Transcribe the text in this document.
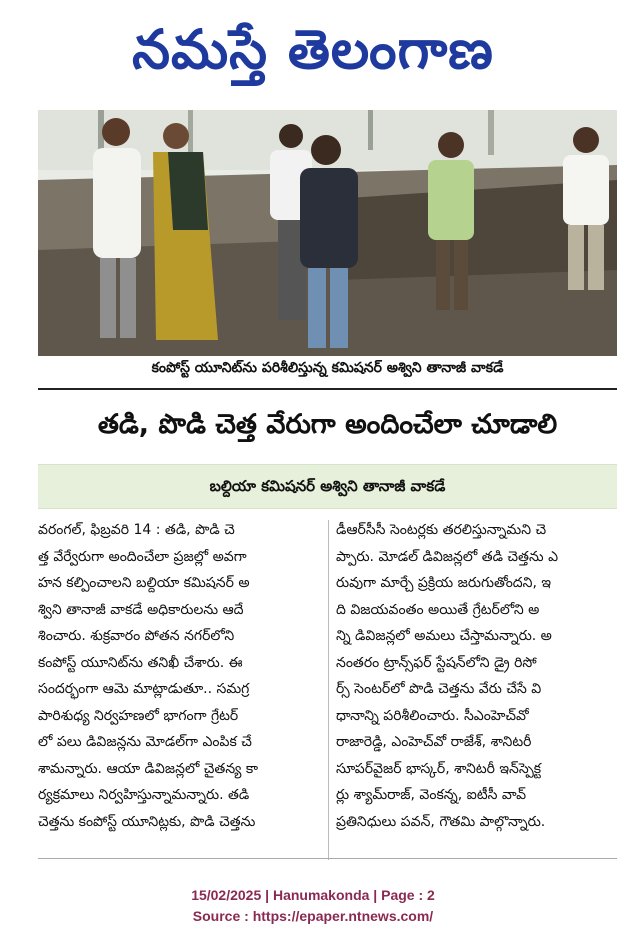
నమస్తే తెలంగాణ
కంపోస్ట్ యూనిట్‌ను పరిశీలిస్తున్న కమిషనర్ అశ్విని తానాజీ వాకడే
తడి, పొడి చెత్త వేరుగా అందించేలా చూడాలి
బల్దియా కమిషనర్ అశ్విని తానాజీ వాకడే
వరంగల్, ఫిబ్రవరి 14 : తడి, పొడి చె
త్త వేర్వేరుగా అందించేలా ప్రజల్లో అవగా
హన కల్పించాలని బల్దియా కమిషనర్ అ
శ్విని తానాజీ వాకడే అధికారులను ఆదే
శించారు. శుక్రవారం పోతన నగర్‌లోని
కంపోస్ట్ యూనిట్‌ను తనిఖీ చేశారు. ఈ
సందర్భంగా ఆమె మాట్లాడుతూ.. సమగ్ర
పారిశుధ్య నిర్వహణలో భాగంగా గ్రేటర్
లో పలు డివిజన్లను మోడల్‌గా ఎంపిక చే
శామన్నారు. ఆయా డివిజన్లలో చైతన్య కా
ర్యక్రమాలు నిర్వహిస్తున్నామన్నారు. తడి
చెత్తను కంపోస్ట్ యూనిట్లకు, పొడి చెత్తను
డీఆర్‌సీసీ సెంటర్లకు తరలిస్తున్నామని చె
ప్పారు. మోడల్ డివిజన్లలో తడి చెత్తను ఎ
రువుగా మార్చే ప్రక్రియ జరుగుతోందని, ఇ
ది విజయవంతం అయితే గ్రేటర్‌లోని అ
న్ని డివిజన్లలో అమలు చేస్తామన్నారు. అ
నంతరం ట్రాన్స్‌ఫర్ స్టేషన్‌లోని డ్రై రిసో
ర్స్ సెంటర్‌లో పొడి చెత్తను వేరు చేసే వి
ధానాన్ని పరిశీలించారు. సీఎంహెచ్‌వో
రాజారెడ్డి, ఎంహెచ్‌వో రాజేశ్, శానిటరీ
సూపర్‌వైజర్ భాస్కర్, శానిటరీ ఇన్‌స్పెక్ట
ర్లు శ్యామ్‌రాజ్, వెంకన్న, ఐటీసీ వావ్
ప్రతినిధులు పవన్, గౌతమి పాల్గొన్నారు.
15/02/2025 | Hanumakonda | Page : 2
Source : https://epaper.ntnews.com/
